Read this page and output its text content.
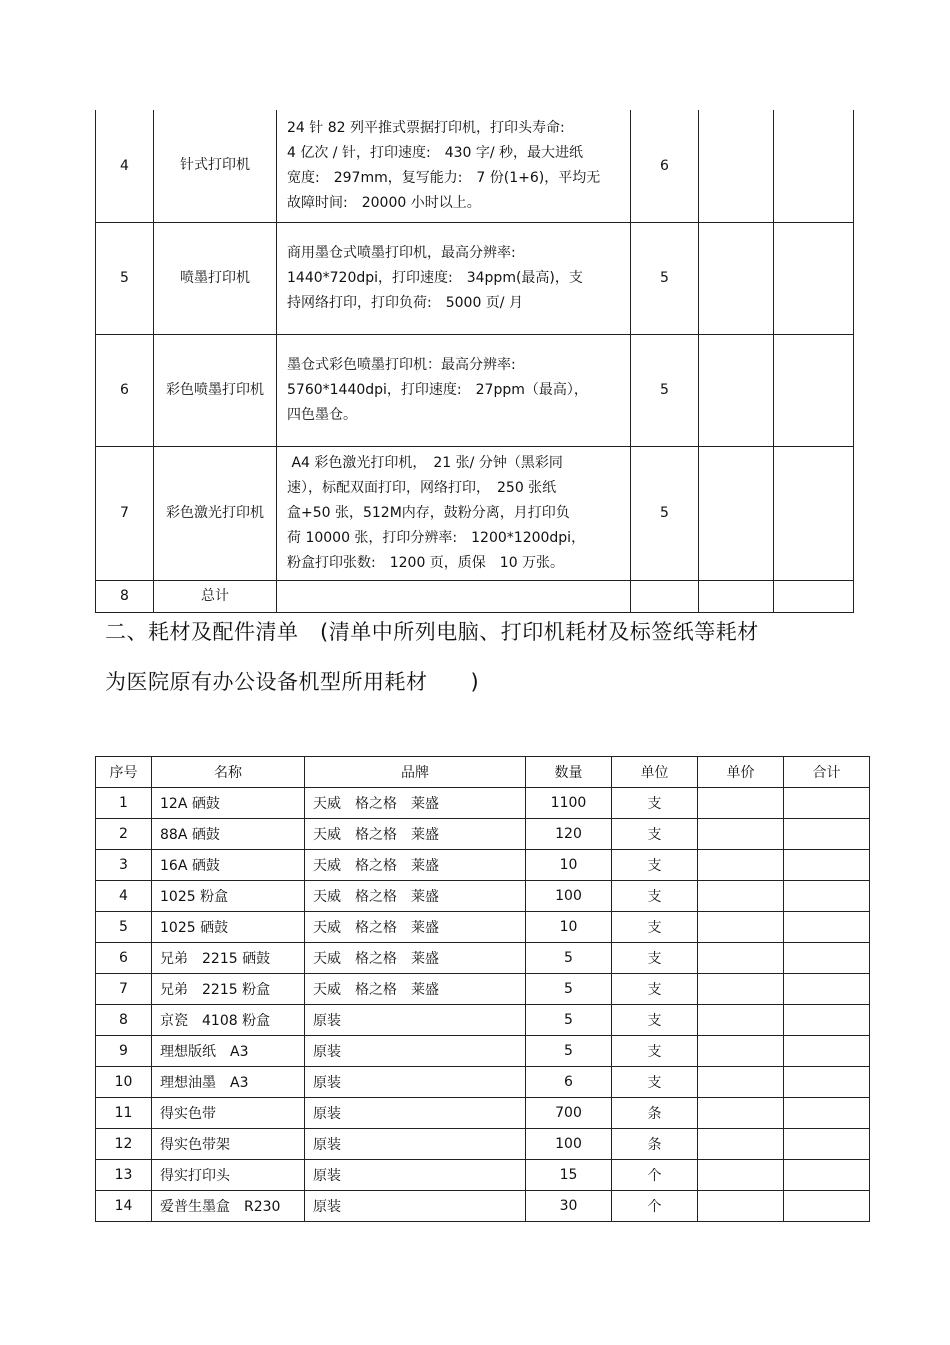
4	针式打印机	24 针 82 列平推式票据打印机，打印头寿命:
4 亿次 / 针，打印速度:　430 字/ 秒，最大进纸
宽度:　297mm，复写能力:　7 份(1+6)，平均无
故障时间:　20000 小时以上。	6		
5	喷墨打印机	商用墨仓式喷墨打印机，最高分辨率:
1440*720dpi，打印速度:　34ppm(最高)，支
持网络打印，打印负荷:　5000 页/ 月	5		
6	彩色喷墨打印机	墨仓式彩色喷墨打印机：最高分辨率:
5760*1440dpi，打印速度:　27ppm（最高），
四色墨仓。	5		
7	彩色激光打印机	A4 彩色激光打印机，　21 张/ 分钟（黑彩同
速），标配双面打印，网络打印，　250 张纸
盒+50 张，512M内存，鼓粉分离，月打印负
荷 10000 张，打印分辨率:　1200*1200dpi，
粉盒打印张数:　1200 页，质保　10 万张。	5		
8	总计				
二、耗材及配件清单　(清单中所列电脑、打印机耗材及标签纸等耗材
为医院原有办公设备机型所用耗材　　)
序号	名称	品牌	数量	单位	单价	合计
1	12A 硒鼓	天威　格之格　莱盛	1100	支		
2	88A 硒鼓	天威　格之格　莱盛	120	支		
3	16A 硒鼓	天威　格之格　莱盛	10	支		
4	1025 粉盒	天威　格之格　莱盛	100	支		
5	1025 硒鼓	天威　格之格　莱盛	10	支		
6	兄弟　2215 硒鼓	天威　格之格　莱盛	5	支		
7	兄弟　2215 粉盒	天威　格之格　莱盛	5	支		
8	京瓷　4108 粉盒	原装	5	支		
9	理想版纸　A3	原装	5	支		
10	理想油墨　A3	原装	6	支		
11	得实色带	原装	700	条		
12	得实色带架	原装	100	条		
13	得实打印头	原装	15	个		
14	爱普生墨盒　R230	原装	30	个		
